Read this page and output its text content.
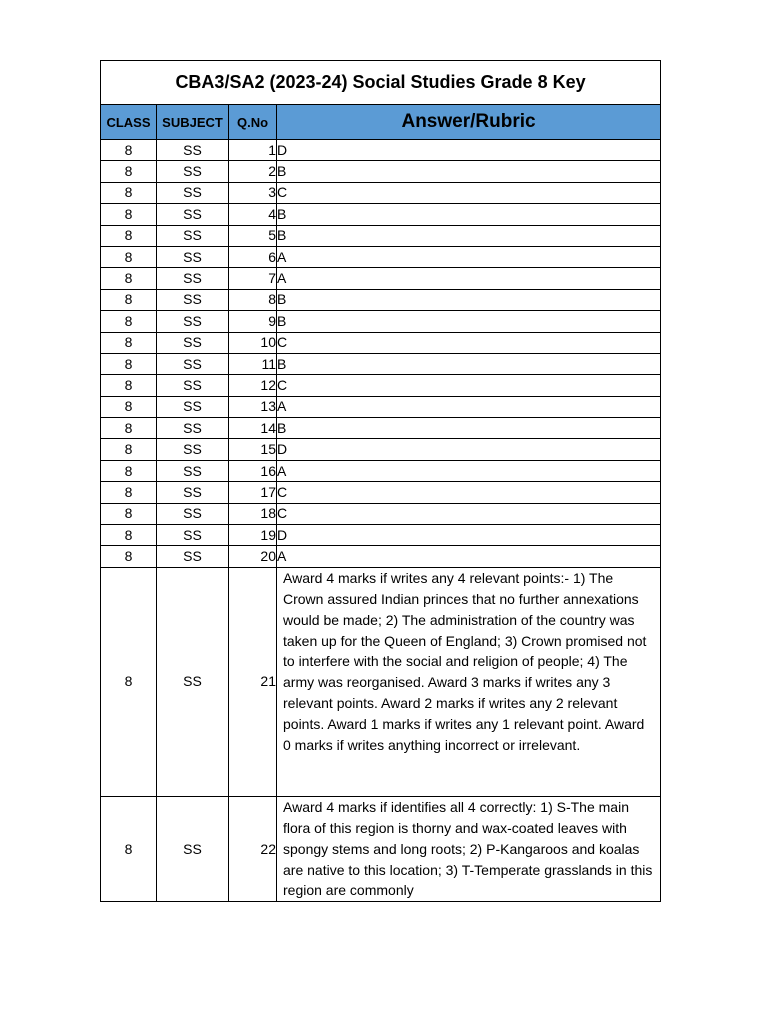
CBA3/SA2 (2023-24) Social Studies Grade 8 Key			
CLASS	SUBJECT	Q.No	Answer/Rubric
8	SS	1	D
8	SS	2	B
8	SS	3	C
8	SS	4	B
8	SS	5	B
8	SS	6	A
8	SS	7	A
8	SS	8	B
8	SS	9	B
8	SS	10	C
8	SS	11	B
8	SS	12	C
8	SS	13	A
8	SS	14	B
8	SS	15	D
8	SS	16	A
8	SS	17	C
8	SS	18	C
8	SS	19	D
8	SS	20	A
8	SS	21	Award 4 marks if writes any 4 relevant points:- 1) The Crown assured Indian princes that no further annexations would be made; 2) The administration of the country was taken up for the Queen of England; 3) Crown promised not to interfere with the social and religion of people; 4) The army was reorganised. Award 3 marks if writes any 3 relevant points. Award 2 marks if writes any 2 relevant points. Award 1 marks if writes any 1 relevant point. Award 0 marks if writes anything incorrect or irrelevant.
8	SS	22	Award 4 marks if identifies all 4 correctly: 1) S-The main flora of this region is thorny and wax-coated leaves with spongy stems and long roots; 2) P-Kangaroos and koalas are native to this location; 3) T-Temperate grasslands in this region are commonly
